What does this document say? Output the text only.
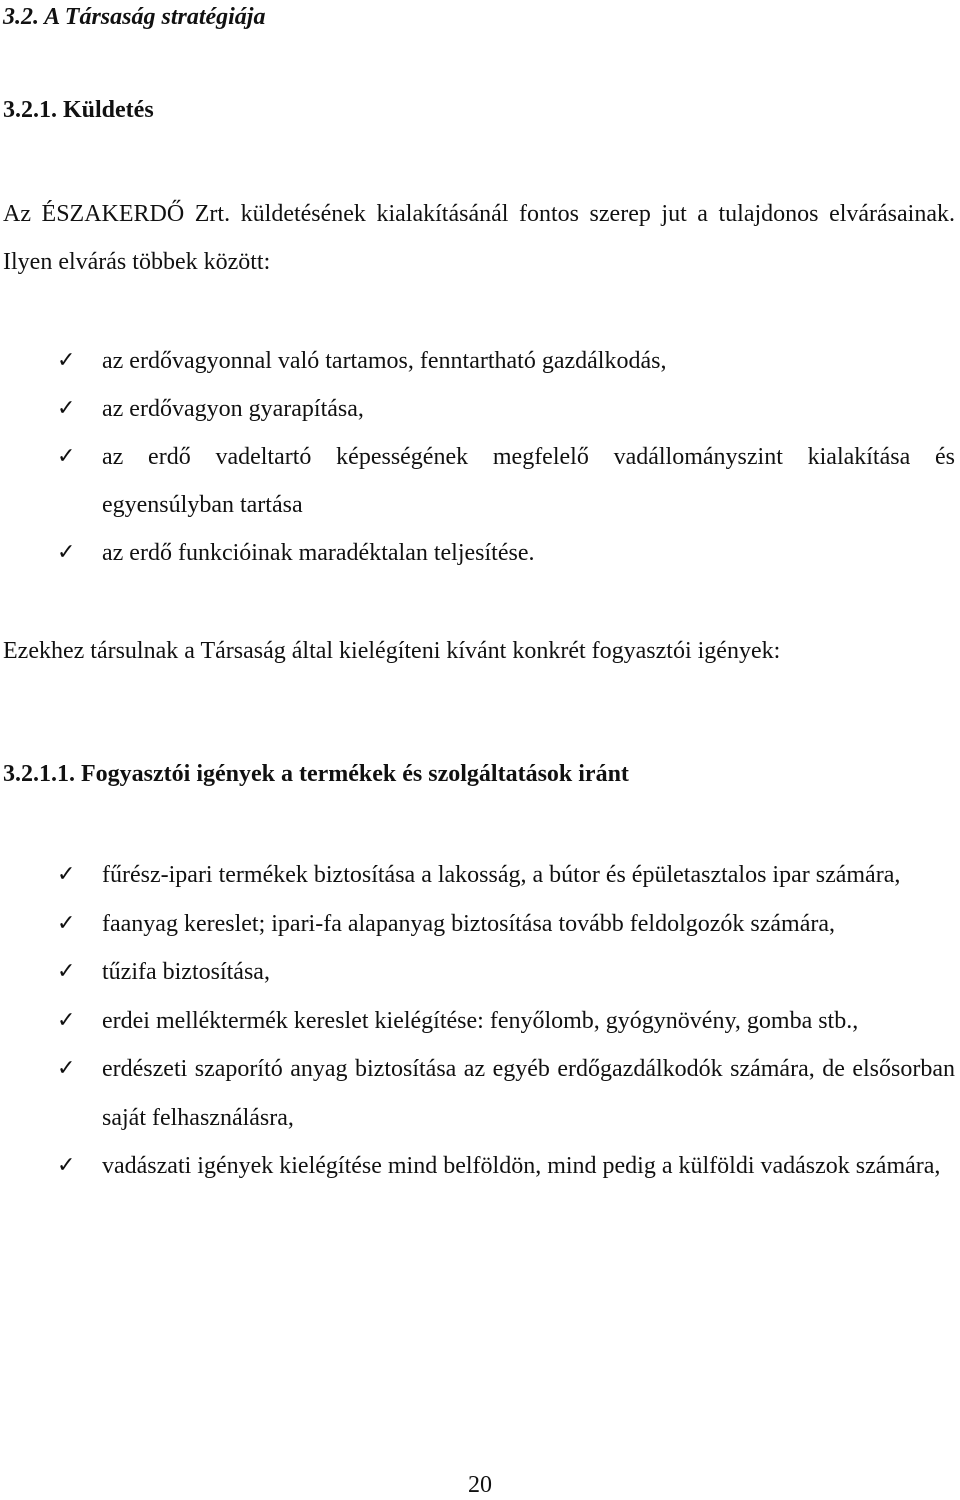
3.2. A Társaság stratégiája
3.2.1. Küldetés

Az ÉSZAKERDŐ Zrt. küldetésének kialakításánál fontos szerep jut a tulajdonos elvárásainak. Ilyen elvárás többek között:

✓ az erdővagyonnal való tartamos, fenntartható gazdálkodás,
✓ az erdővagyon gyarapítása,
✓ az erdő vadeltartó képességének megfelelő vadállományszint kialakítása és egyensúlyban tartása
✓ az erdő funkcióinak maradéktalan teljesítése.

Ezekhez társulnak a Társaság által kielégíteni kívánt konkrét fogyasztói igények:

3.2.1.1. Fogyasztói igények a termékek és szolgáltatások iránt
✓ fűrész-ipari termékek biztosítása a lakosság, a bútor és épületasztalos ipar számára,
✓ faanyag kereslet; ipari-fa alapanyag biztosítása tovább feldolgozók számára,
✓ tűzifa biztosítása,
✓ erdei melléktermék kereslet kielégítése: fenyőlomb, gyógynövény, gomba stb.,
✓ erdészeti szaporító anyag biztosítása az egyéb erdőgazdálkodók számára, de elsősorban saját felhasználásra,
✓ vadászati igények kielégítése mind belföldön, mind pedig a külföldi vadászok számára,
20
